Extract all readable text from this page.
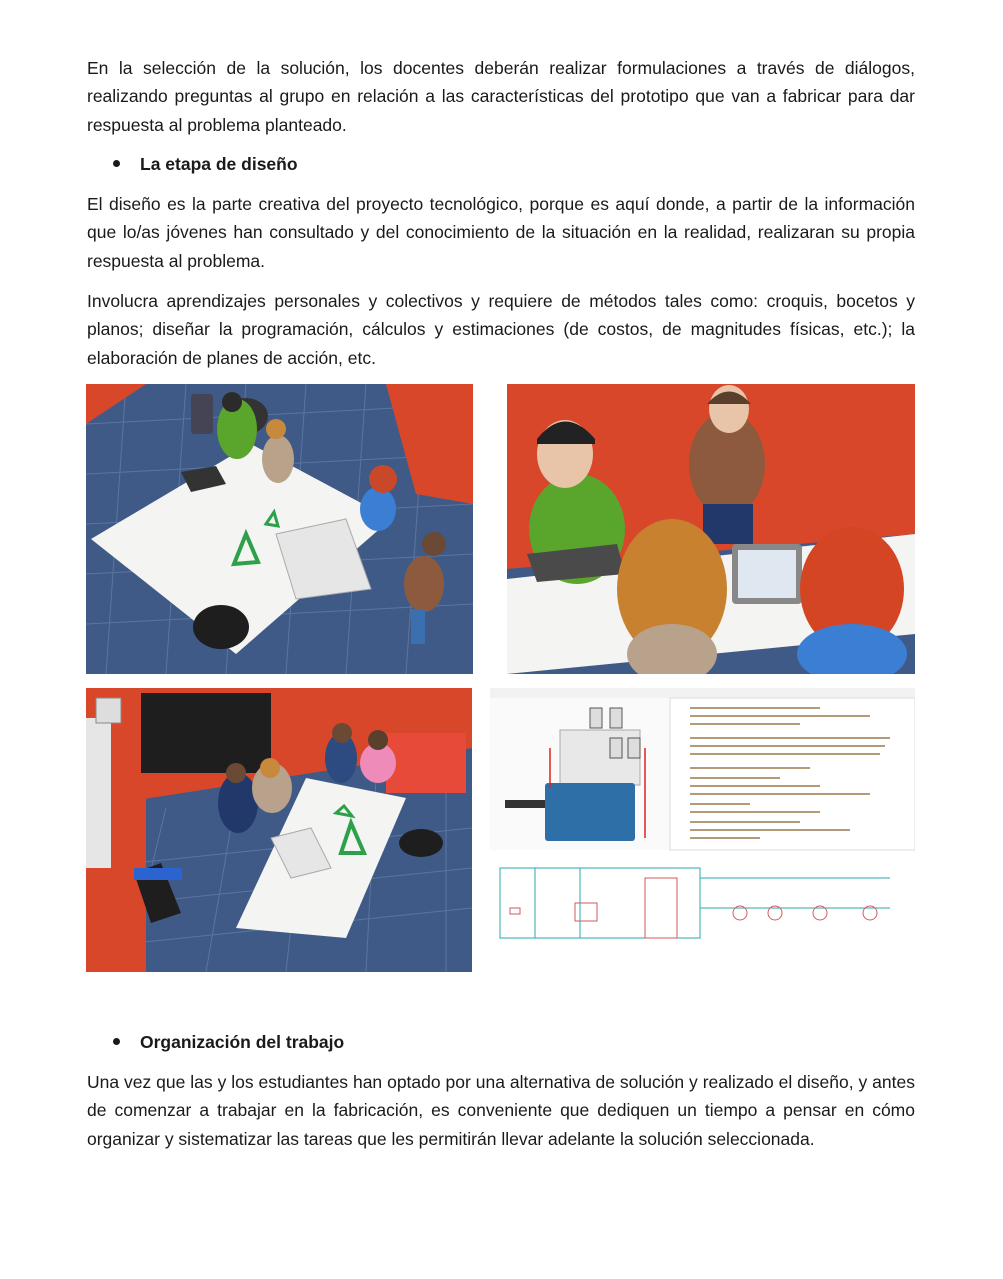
En la selección de la solución, los docentes deberán realizar formulaciones a través de diálogos, realizando preguntas al grupo en relación a las características del prototipo que van a fabricar para dar respuesta al problema planteado.

La etapa de diseño

El diseño es la parte creativa del proyecto tecnológico, porque es aquí donde, a partir de la información que lo/as jóvenes han consultado y del conocimiento de la situación en la realidad, realizaran su propia respuesta al problema.

Involucra aprendizajes personales y colectivos y requiere de métodos tales como: croquis, bocetos y planos; diseñar la programación, cálculos y estimaciones (de costos, de magnitudes físicas, etc.); la elaboración de planes de acción, etc.

Organización del trabajo

Una vez que las y los estudiantes han optado por una alternativa de solución y realizado el diseño, y antes de comenzar a trabajar en la fabricación, es conveniente que dediquen un tiempo a pensar en cómo organizar y sistematizar las tareas que les permitirán llevar adelante la solución seleccionada.
